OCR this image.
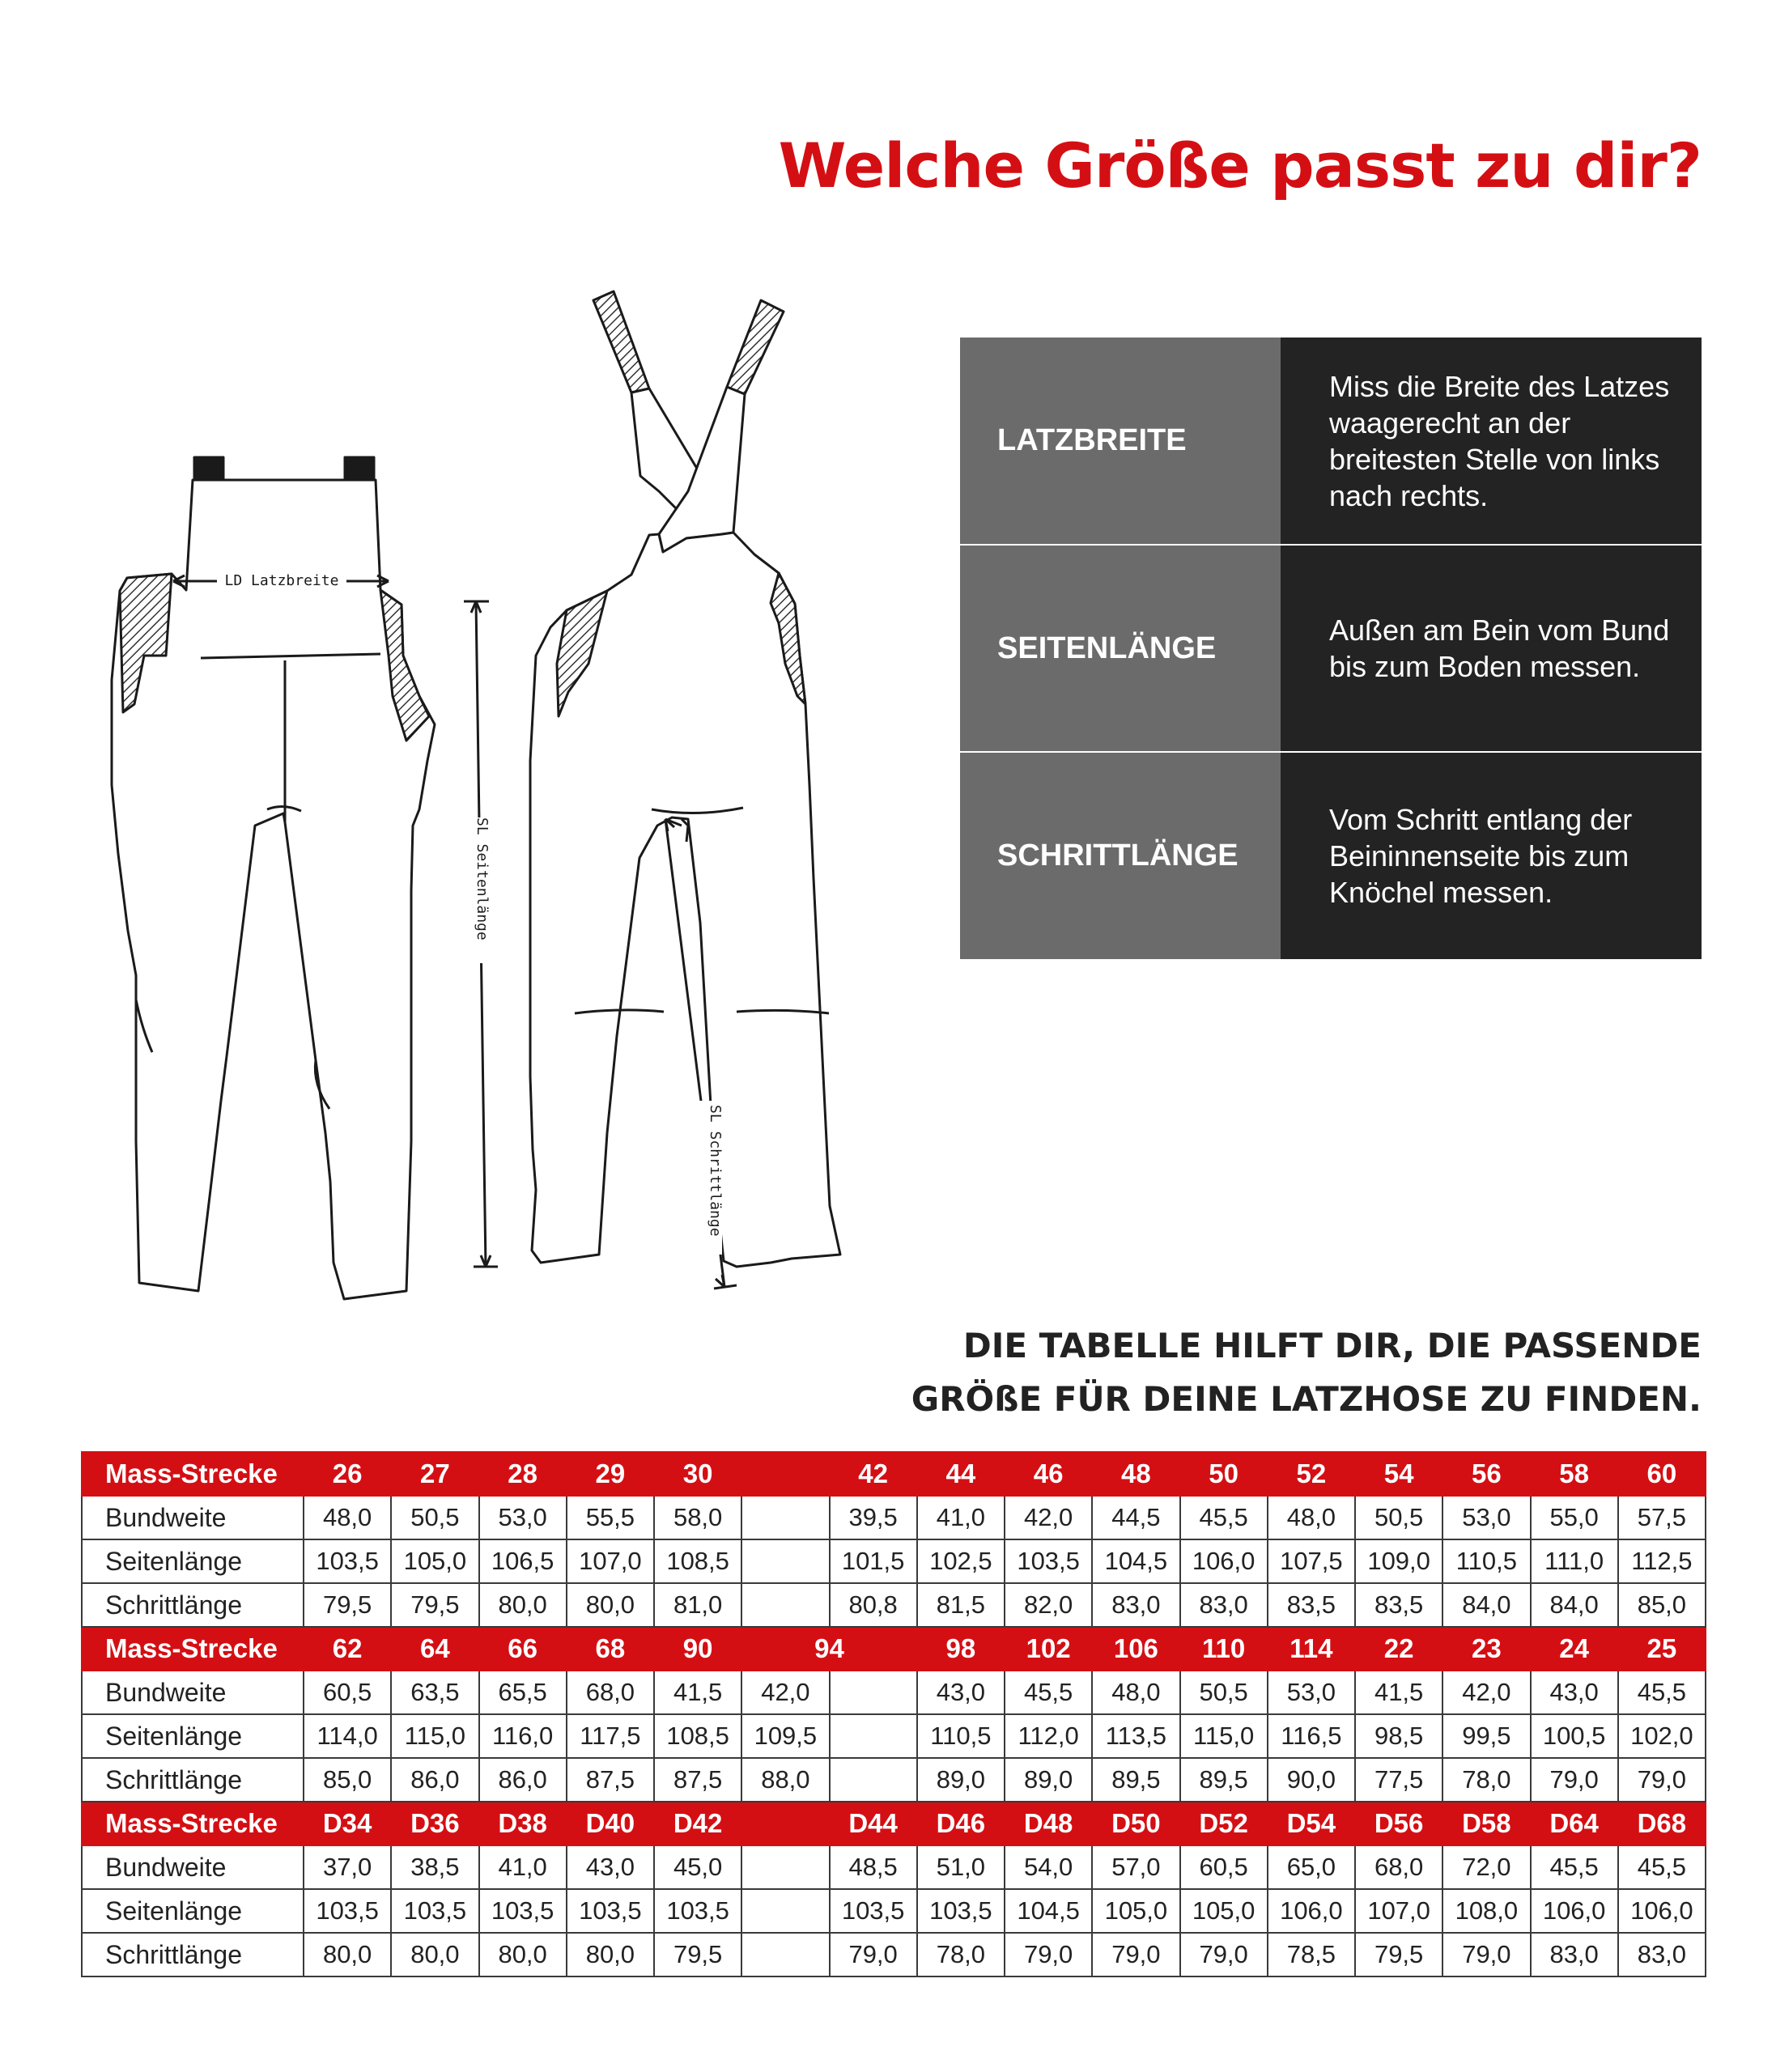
Welche Größe passt zu dir?
LD Latzbreite
SL Seitenlänge
SL Schrittlänge
LATZBREITE	Miss die Breite des Latzes waagerecht an der breitesten Stelle von links nach rechts.
SEITENLÄNGE	Außen am Bein vom Bund bis zum Boden messen.
SCHRITTLÄNGE	Vom Schritt entlang der Beininnenseite bis zum Knöchel messen.
DIE TABELLE HILFT DIR, DIE PASSENDE
GRÖßE FÜR DEINE LATZHOSE ZU FINDEN.
Mass-Strecke	26	27	28	29	30		42	44	46	48	50	52	54	56	58	60
Bundweite	48,0	50,5	53,0	55,5	58,0		39,5	41,0	42,0	44,5	45,5	48,0	50,5	53,0	55,0	57,5
Seitenlänge	103,5	105,0	106,5	107,0	108,5		101,5	102,5	103,5	104,5	106,0	107,5	109,0	110,5	111,0	112,5
Schrittlänge	79,5	79,5	80,0	80,0	81,0		80,8	81,5	82,0	83,0	83,0	83,5	83,5	84,0	84,0	85,0
Mass-Strecke	62	64	66	68	90	94		98	102	106	110	114	22	23	24	25
Bundweite	60,5	63,5	65,5	68,0	41,5	42,0		43,0	45,5	48,0	50,5	53,0	41,5	42,0	43,0	45,5
Seitenlänge	114,0	115,0	116,0	117,5	108,5	109,5		110,5	112,0	113,5	115,0	116,5	98,5	99,5	100,5	102,0
Schrittlänge	85,0	86,0	86,0	87,5	87,5	88,0		89,0	89,0	89,5	89,5	90,0	77,5	78,0	79,0	79,0
Mass-Strecke	D34	D36	D38	D40	D42		D44	D46	D48	D50	D52	D54	D56	D58	D64	D68
Bundweite	37,0	38,5	41,0	43,0	45,0		48,5	51,0	54,0	57,0	60,5	65,0	68,0	72,0	45,5	45,5
Seitenlänge	103,5	103,5	103,5	103,5	103,5		103,5	103,5	104,5	105,0	105,0	106,0	107,0	108,0	106,0	106,0
Schrittlänge	80,0	80,0	80,0	80,0	79,5		79,0	78,0	79,0	79,0	79,0	78,5	79,5	79,0	83,0	83,0
